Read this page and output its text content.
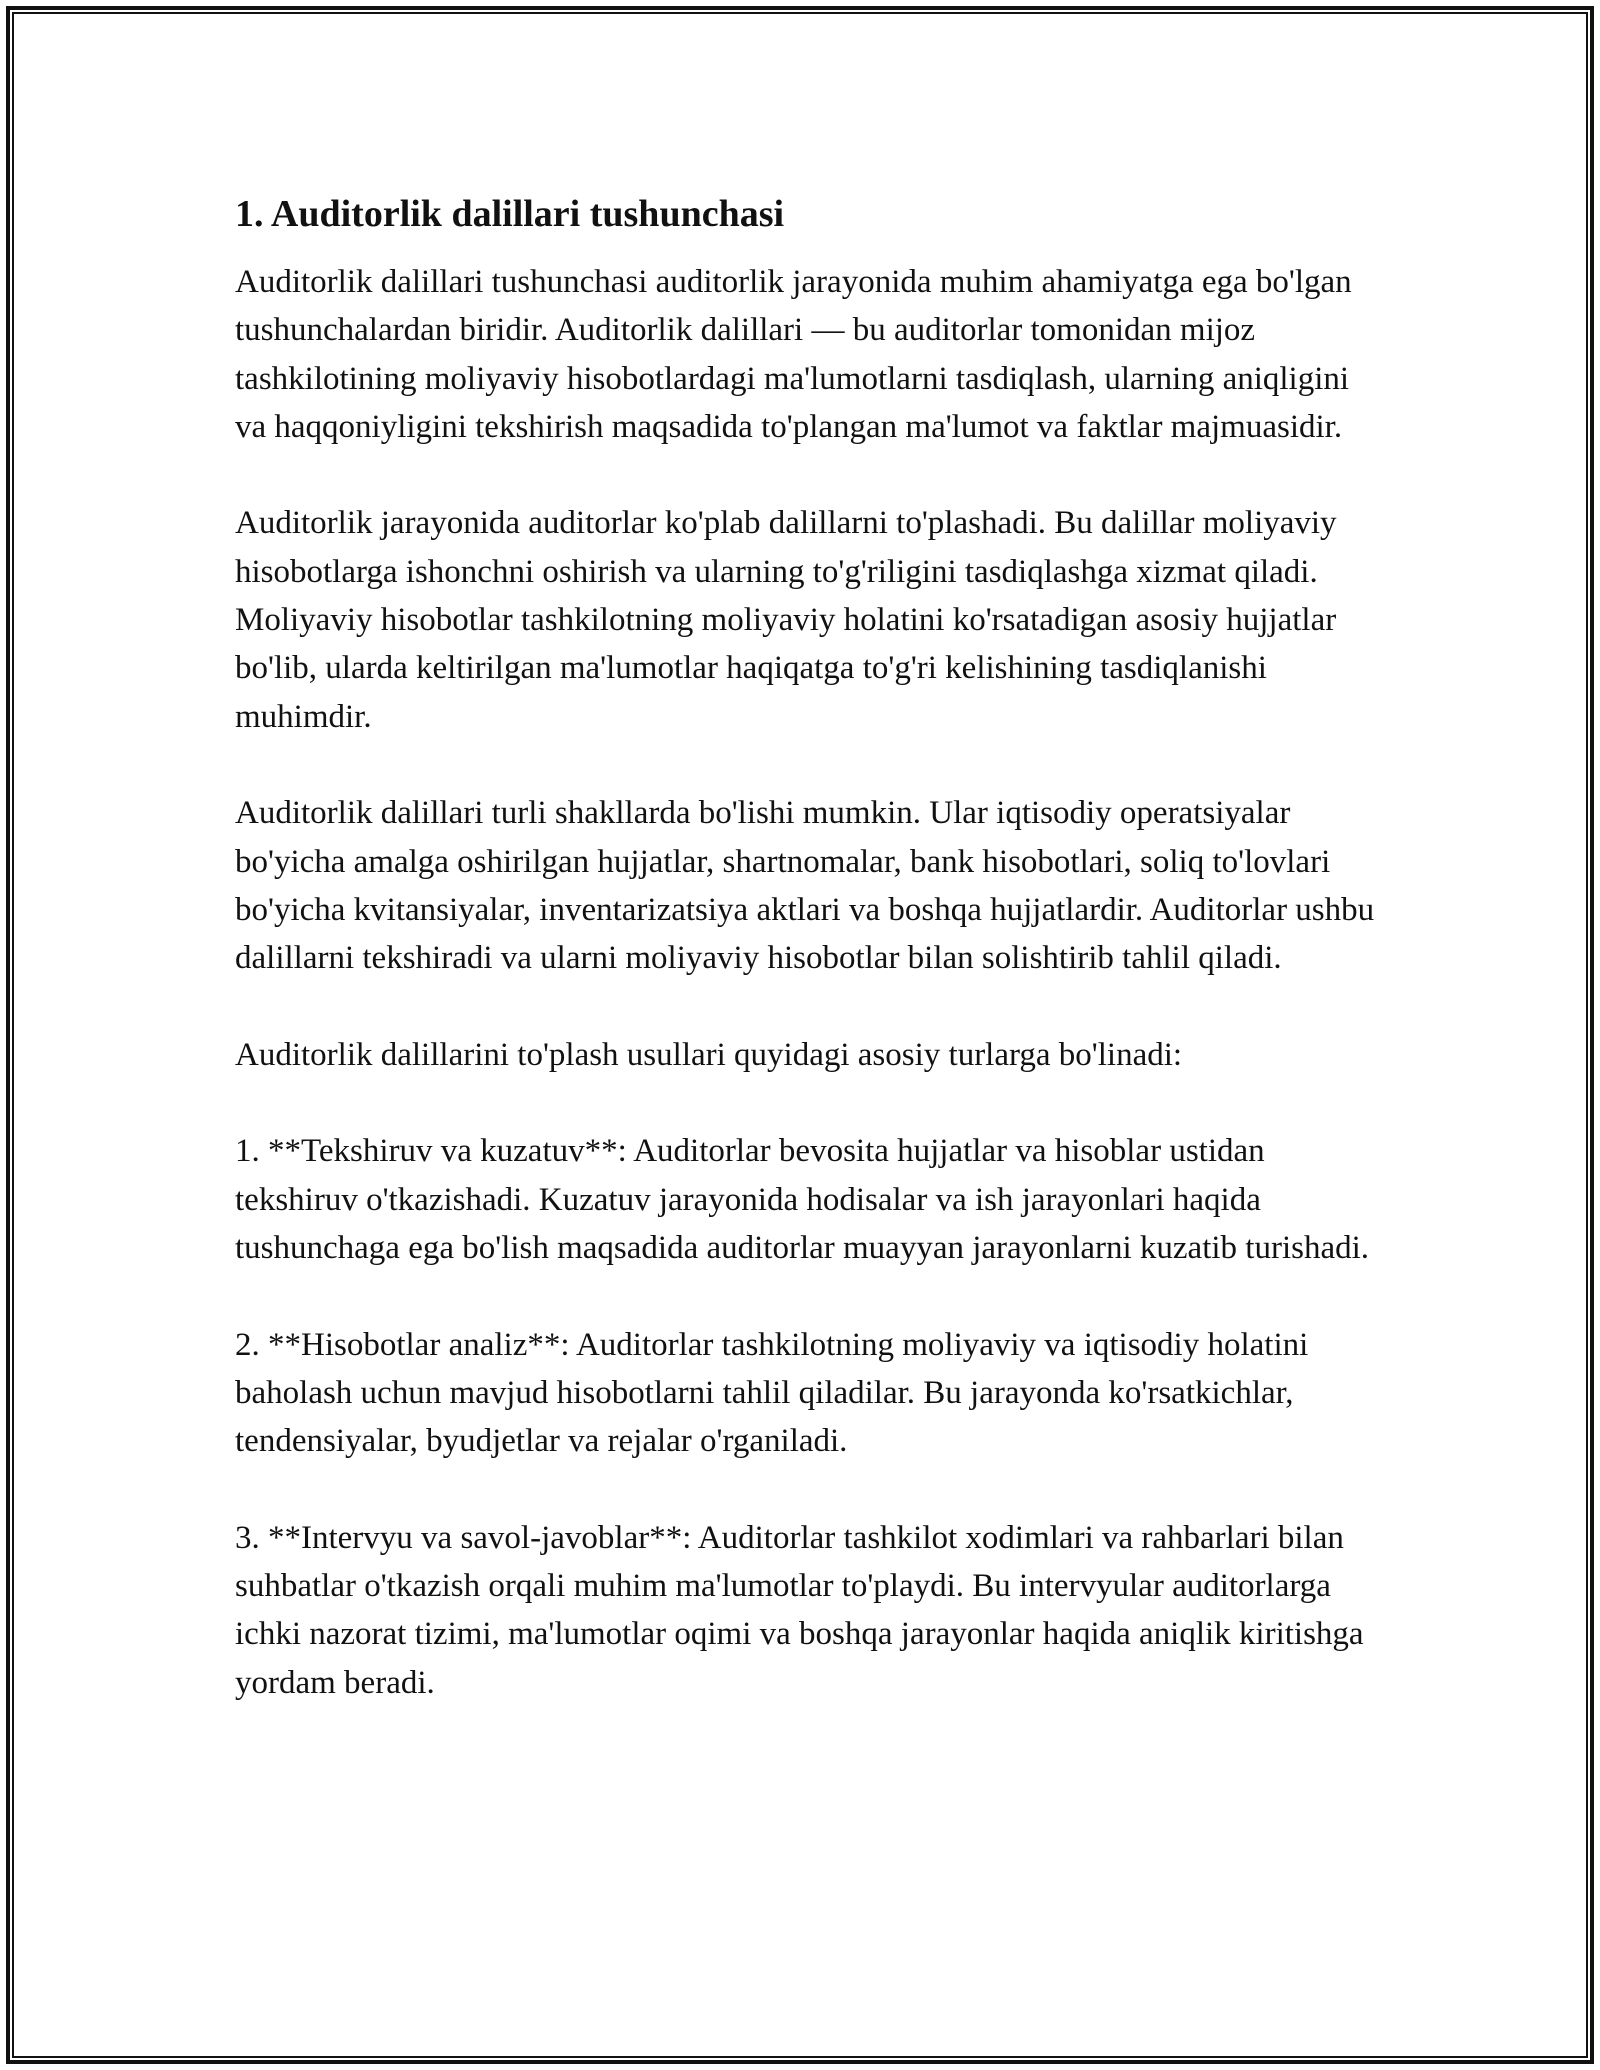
1. Auditorlik dalillari tushunchasi

Auditorlik dalillari tushunchasi auditorlik jarayonida muhim ahamiyatga ega bo'lgan tushunchalardan biridir. Auditorlik dalillari — bu auditorlar tomonidan mijoz tashkilotining moliyaviy hisobotlardagi ma'lumotlarni tasdiqlash, ularning aniqligini va haqqoniyligini tekshirish maqsadida to'plangan ma'lumot va faktlar majmuasidir.

Auditorlik jarayonida auditorlar ko'plab dalillarni to'plashadi. Bu dalillar moliyaviy hisobotlarga ishonchni oshirish va ularning to'g'riligini tasdiqlashga xizmat qiladi. Moliyaviy hisobotlar tashkilotning moliyaviy holatini ko'rsatadigan asosiy hujjatlar bo'lib, ularda keltirilgan ma'lumotlar haqiqatga to'g'ri kelishining tasdiqlanishi muhimdir.

Auditorlik dalillari turli shakllarda bo'lishi mumkin. Ular iqtisodiy operatsiyalar bo'yicha amalga oshirilgan hujjatlar, shartnomalar, bank hisobotlari, soliq to'lovlari bo'yicha kvitansiyalar, inventarizatsiya aktlari va boshqa hujjatlardir. Auditorlar ushbu dalillarni tekshiradi va ularni moliyaviy hisobotlar bilan solishtirib tahlil qiladi.

Auditorlik dalillarini to'plash usullari quyidagi asosiy turlarga bo'linadi:

1. **Tekshiruv va kuzatuv**: Auditorlar bevosita hujjatlar va hisoblar ustidan tekshiruv o'tkazishadi. Kuzatuv jarayonida hodisalar va ish jarayonlari haqida tushunchaga ega bo'lish maqsadida auditorlar muayyan jarayonlarni kuzatib turishadi.

2. **Hisobotlar analiz**: Auditorlar tashkilotning moliyaviy va iqtisodiy holatini baholash uchun mavjud hisobotlarni tahlil qiladilar. Bu jarayonda ko'rsatkichlar, tendensiyalar, byudjetlar va rejalar o'rganiladi.

3. **Intervyu va savol-javoblar**: Auditorlar tashkilot xodimlari va rahbarlari bilan suhbatlar o'tkazish orqali muhim ma'lumotlar to'playdi. Bu intervyular auditorlarga ichki nazorat tizimi, ma'lumotlar oqimi va boshqa jarayonlar haqida aniqlik kiritishga yordam beradi.
